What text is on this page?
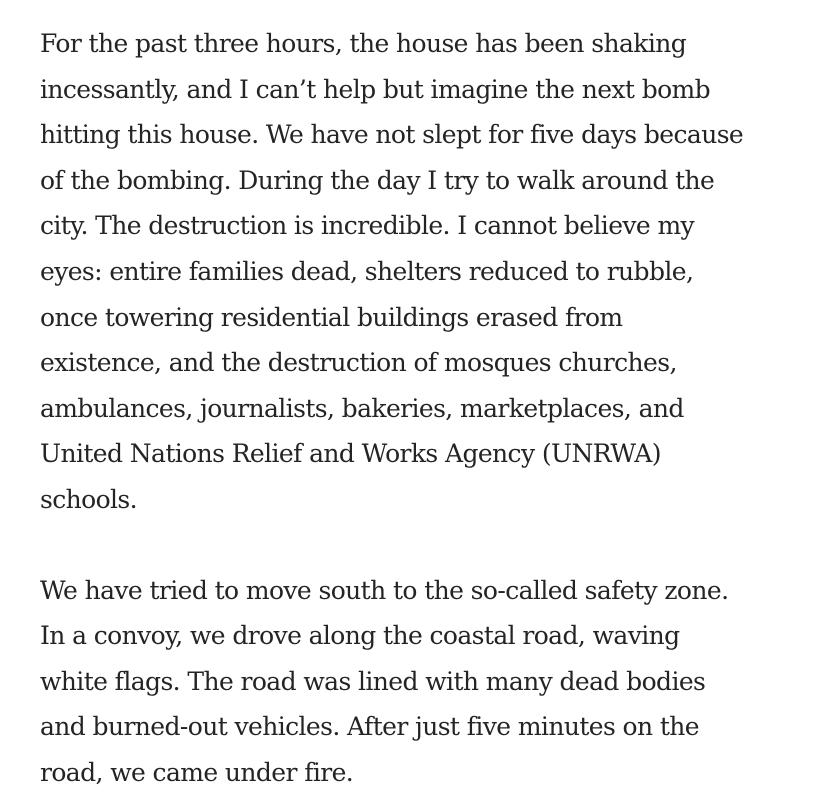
For the past three hours, the house has been shaking
incessantly, and I can’t help but imagine the next bomb
hitting this house. We have not slept for five days because
of the bombing. During the day I try to walk around the
city. The destruction is incredible. I cannot believe my
eyes: entire families dead, shelters reduced to rubble,
once towering residential buildings erased from
existence, and the destruction of mosques churches,
ambulances, journalists, bakeries, marketplaces, and
United Nations Relief and Works Agency (UNRWA)
schools.

We have tried to move south to the so-called safety zone.
In a convoy, we drove along the coastal road, waving
white flags. The road was lined with many dead bodies
and burned-out vehicles. After just five minutes on the
road, we came under fire.
